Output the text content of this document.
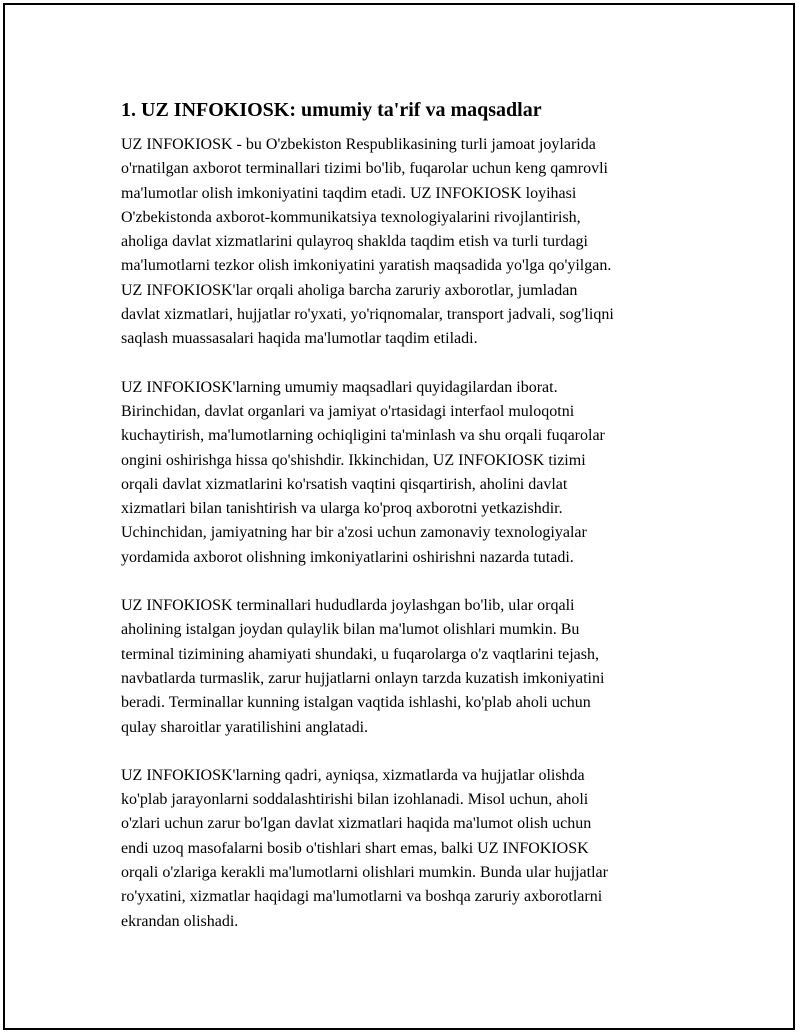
1. UZ INFOKIOSK: umumiy ta'rif va maqsadlar

UZ INFOKIOSK - bu O'zbekiston Respublikasining turli jamoat joylarida
o'rnatilgan axborot terminallari tizimi bo'lib, fuqarolar uchun keng qamrovli
ma'lumotlar olish imkoniyatini taqdim etadi. UZ INFOKIOSK loyihasi
O'zbekistonda axborot-kommunikatsiya texnologiyalarini rivojlantirish,
aholiga davlat xizmatlarini qulayroq shaklda taqdim etish va turli turdagi
ma'lumotlarni tezkor olish imkoniyatini yaratish maqsadida yo'lga qo'yilgan.
UZ INFOKIOSK'lar orqali aholiga barcha zaruriy axborotlar, jumladan
davlat xizmatlari, hujjatlar ro'yxati, yo'riqnomalar, transport jadvali, sog'liqni
saqlash muassasalari haqida ma'lumotlar taqdim etiladi.

UZ INFOKIOSK'larning umumiy maqsadlari quyidagilardan iborat.
Birinchidan, davlat organlari va jamiyat o'rtasidagi interfaol muloqotni
kuchaytirish, ma'lumotlarning ochiqligini ta'minlash va shu orqali fuqarolar
ongini oshirishga hissa qo'shishdir. Ikkinchidan, UZ INFOKIOSK tizimi
orqali davlat xizmatlarini ko'rsatish vaqtini qisqartirish, aholini davlat
xizmatlari bilan tanishtirish va ularga ko'proq axborotni yetkazishdir.
Uchinchidan, jamiyatning har bir a'zosi uchun zamonaviy texnologiyalar
yordamida axborot olishning imkoniyatlarini oshirishni nazarda tutadi.

UZ INFOKIOSK terminallari hududlarda joylashgan bo'lib, ular orqali
aholining istalgan joydan qulaylik bilan ma'lumot olishlari mumkin. Bu
terminal tizimining ahamiyati shundaki, u fuqarolarga o'z vaqtlarini tejash,
navbatlarda turmaslik, zarur hujjatlarni onlayn tarzda kuzatish imkoniyatini
beradi. Terminallar kunning istalgan vaqtida ishlashi, ko'plab aholi uchun
qulay sharoitlar yaratilishini anglatadi.

UZ INFOKIOSK'larning qadri, ayniqsa, xizmatlarda va hujjatlar olishda
ko'plab jarayonlarni soddalashtirishi bilan izohlanadi. Misol uchun, aholi
o'zlari uchun zarur bo'lgan davlat xizmatlari haqida ma'lumot olish uchun
endi uzoq masofalarni bosib o'tishlari shart emas, balki UZ INFOKIOSK
orqali o'zlariga kerakli ma'lumotlarni olishlari mumkin. Bunda ular hujjatlar
ro'yxatini, xizmatlar haqidagi ma'lumotlarni va boshqa zaruriy axborotlarni
ekrandan olishadi.
